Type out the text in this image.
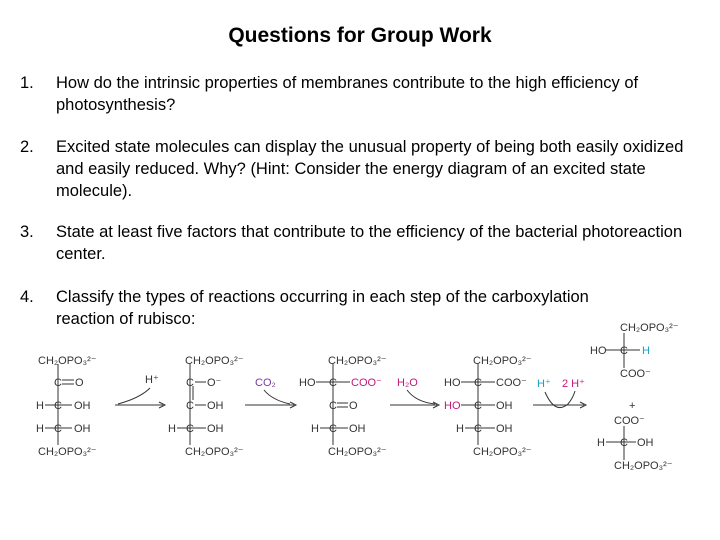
Questions for Group Work
1. How do the intrinsic properties of membranes contribute to the high efficiency of photosynthesis?
2. Excited state molecules can display the unusual property of being both easily oxidized and easily reduced. Why? (Hint: Consider the energy diagram of an excited state molecule).
3. State at least five factors that contribute to the efficiency of the bacterial photoreaction center.
4. Classify the types of reactions occurring in each step of the carboxylation reaction of rubisco:
CH₂OPO₃²⁻
C O
H C OH
H C OH
CH₂OPO₃²⁻
H⁺
CH₂OPO₃²⁻
C O⁻
C OH
H C OH
CH₂OPO₃²⁻
CO₂
CH₂OPO₃²⁻
HO C COO⁻
C O
H C OH
CH₂OPO₃²⁻
H₂O
CH₂OPO₃²⁻
HO C COO⁻
HO C OH
H C OH
CH₂OPO₃²⁻
H⁺ 2 H⁺
CH₂OPO₃²⁻
HO C H
COO⁻
+
COO⁻
H C OH
CH₂OPO₃²⁻
